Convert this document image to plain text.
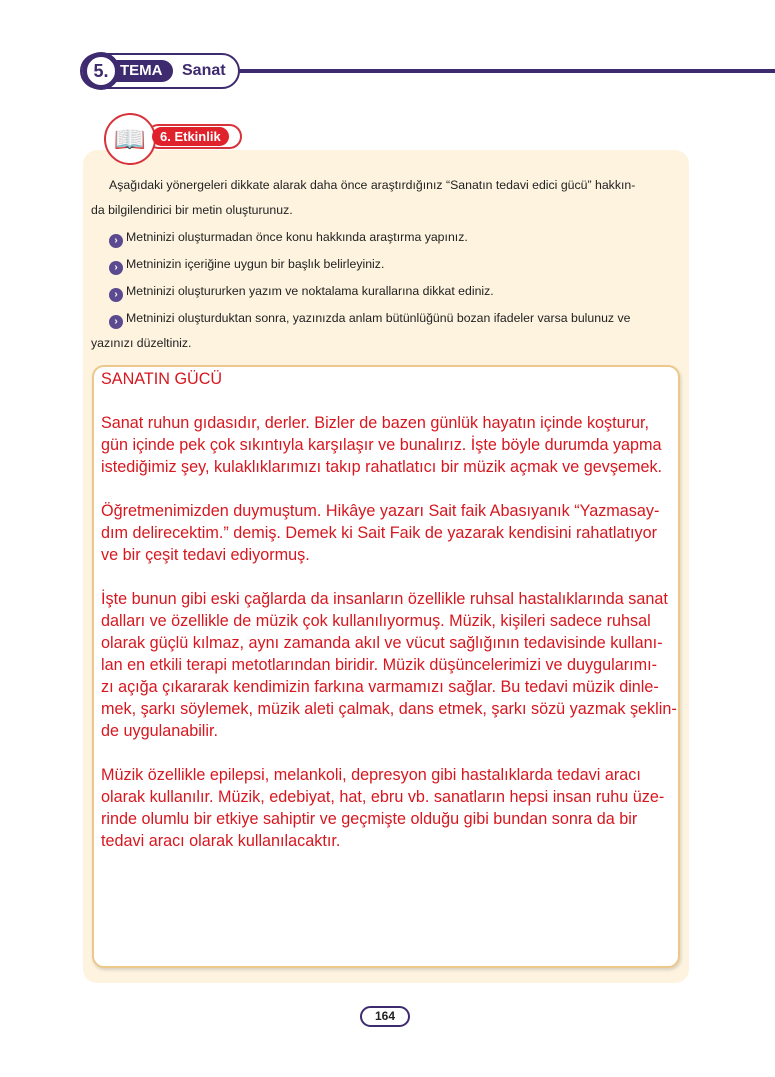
5. TEMA	Sanat
📖	6. Etkinlik

Aşağıdaki yönergeleri dikkate alarak daha önce araştırdığınız “Sanatın tedavi edici gücü” hakkın-

da bilgilendirici bir metin oluşturunuz.

› Metninizi oluşturmadan önce konu hakkında araştırma yapınız.

› Metninizin içeriğine uygun bir başlık belirleyiniz.

› Metninizi oluştururken yazım ve noktalama kurallarına dikkat ediniz.

› Metninizi oluşturduktan sonra, yazınızda anlam bütünlüğünü bozan ifadeler varsa bulunuz ve

yazınızı düzeltiniz.

SANATIN GÜCÜ

Sanat ruhun gıdasıdır, derler. Bizler de bazen günlük hayatın içinde koşturur,
gün içinde pek çok sıkıntıyla karşılaşır ve bunalırız. İşte böyle durumda yapma
istediğimiz şey, kulaklıklarımızı takıp rahatlatıcı bir müzik açmak ve gevşemek.

Öğretmenimizden duymuştum. Hikâye yazarı Sait faik Abasıyanık “Yazmasay-
dım delirecektim.” demiş. Demek ki Sait Faik de yazarak kendisini rahatlatıyor
ve bir çeşit tedavi ediyormuş.

İşte bunun gibi eski çağlarda da insanların özellikle ruhsal hastalıklarında sanat
dalları ve özellikle de müzik çok kullanılıyormuş. Müzik, kişileri sadece ruhsal
olarak güçlü kılmaz, aynı zamanda akıl ve vücut sağlığının tedavisinde kullanı-
lan en etkili terapi metotlarından biridir. Müzik düşüncelerimizi ve duygularımı-
zı açığa çıkararak kendimizin farkına varmamızı sağlar. Bu tedavi müzik dinle-
mek, şarkı söylemek, müzik aleti çalmak, dans etmek, şarkı sözü yazmak şeklin-
de uygulanabilir.

Müzik özellikle epilepsi, melankoli, depresyon gibi hastalıklarda tedavi aracı
olarak kullanılır. Müzik, edebiyat, hat, ebru vb. sanatların hepsi insan ruhu üze-
rinde olumlu bir etkiye sahiptir ve geçmişte olduğu gibi bundan sonra da bir
tedavi aracı olarak kullanılacaktır.

164
